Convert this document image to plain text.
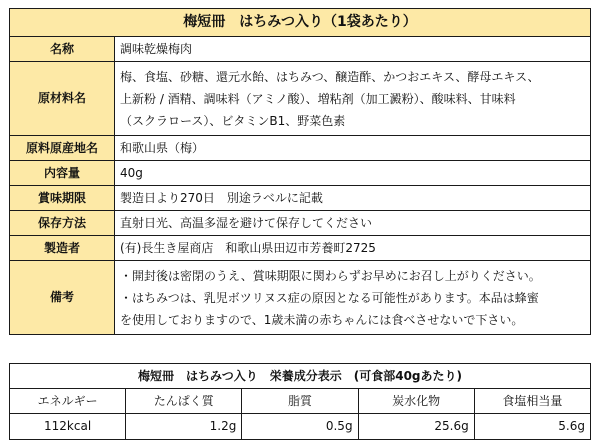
梅短冊　はちみつ入り（1袋あたり）	
名称	調味乾燥梅肉
原材料名	梅、食塩、砂糖、還元水飴、はちみつ、醸造酢、かつおエキス、酵母エキス、
上新粉 / 酒精、調味料（アミノ酸）、増粘剤（加工澱粉）、酸味料、甘味料
（スクラロース）、ビタミンB1、野菜色素

原料原産地名	和歌山県（梅）
内容量	40g
賞味期限	製造日より270日　別途ラベルに記載
保存方法	直射日光、高温多湿を避けて保存してください
製造者	(有)長生き屋商店　和歌山県田辺市芳養町2725
備考	・開封後は密閉のうえ、賞味期限に関わらずお早めにお召し上がりください。
・はちみつは、乳児ボツリヌス症の原因となる可能性があります。本品は蜂蜜
を使用しておりますので、1歳未満の赤ちゃんには食べさせないで下さい。
梅短冊　はちみつ入り　栄養成分表示　(可食部40gあたり)				
エネルギー	たんぱく質	脂質	炭水化物	食塩相当量
112kcal	1.2g	0.5g	25.6g	5.6g
